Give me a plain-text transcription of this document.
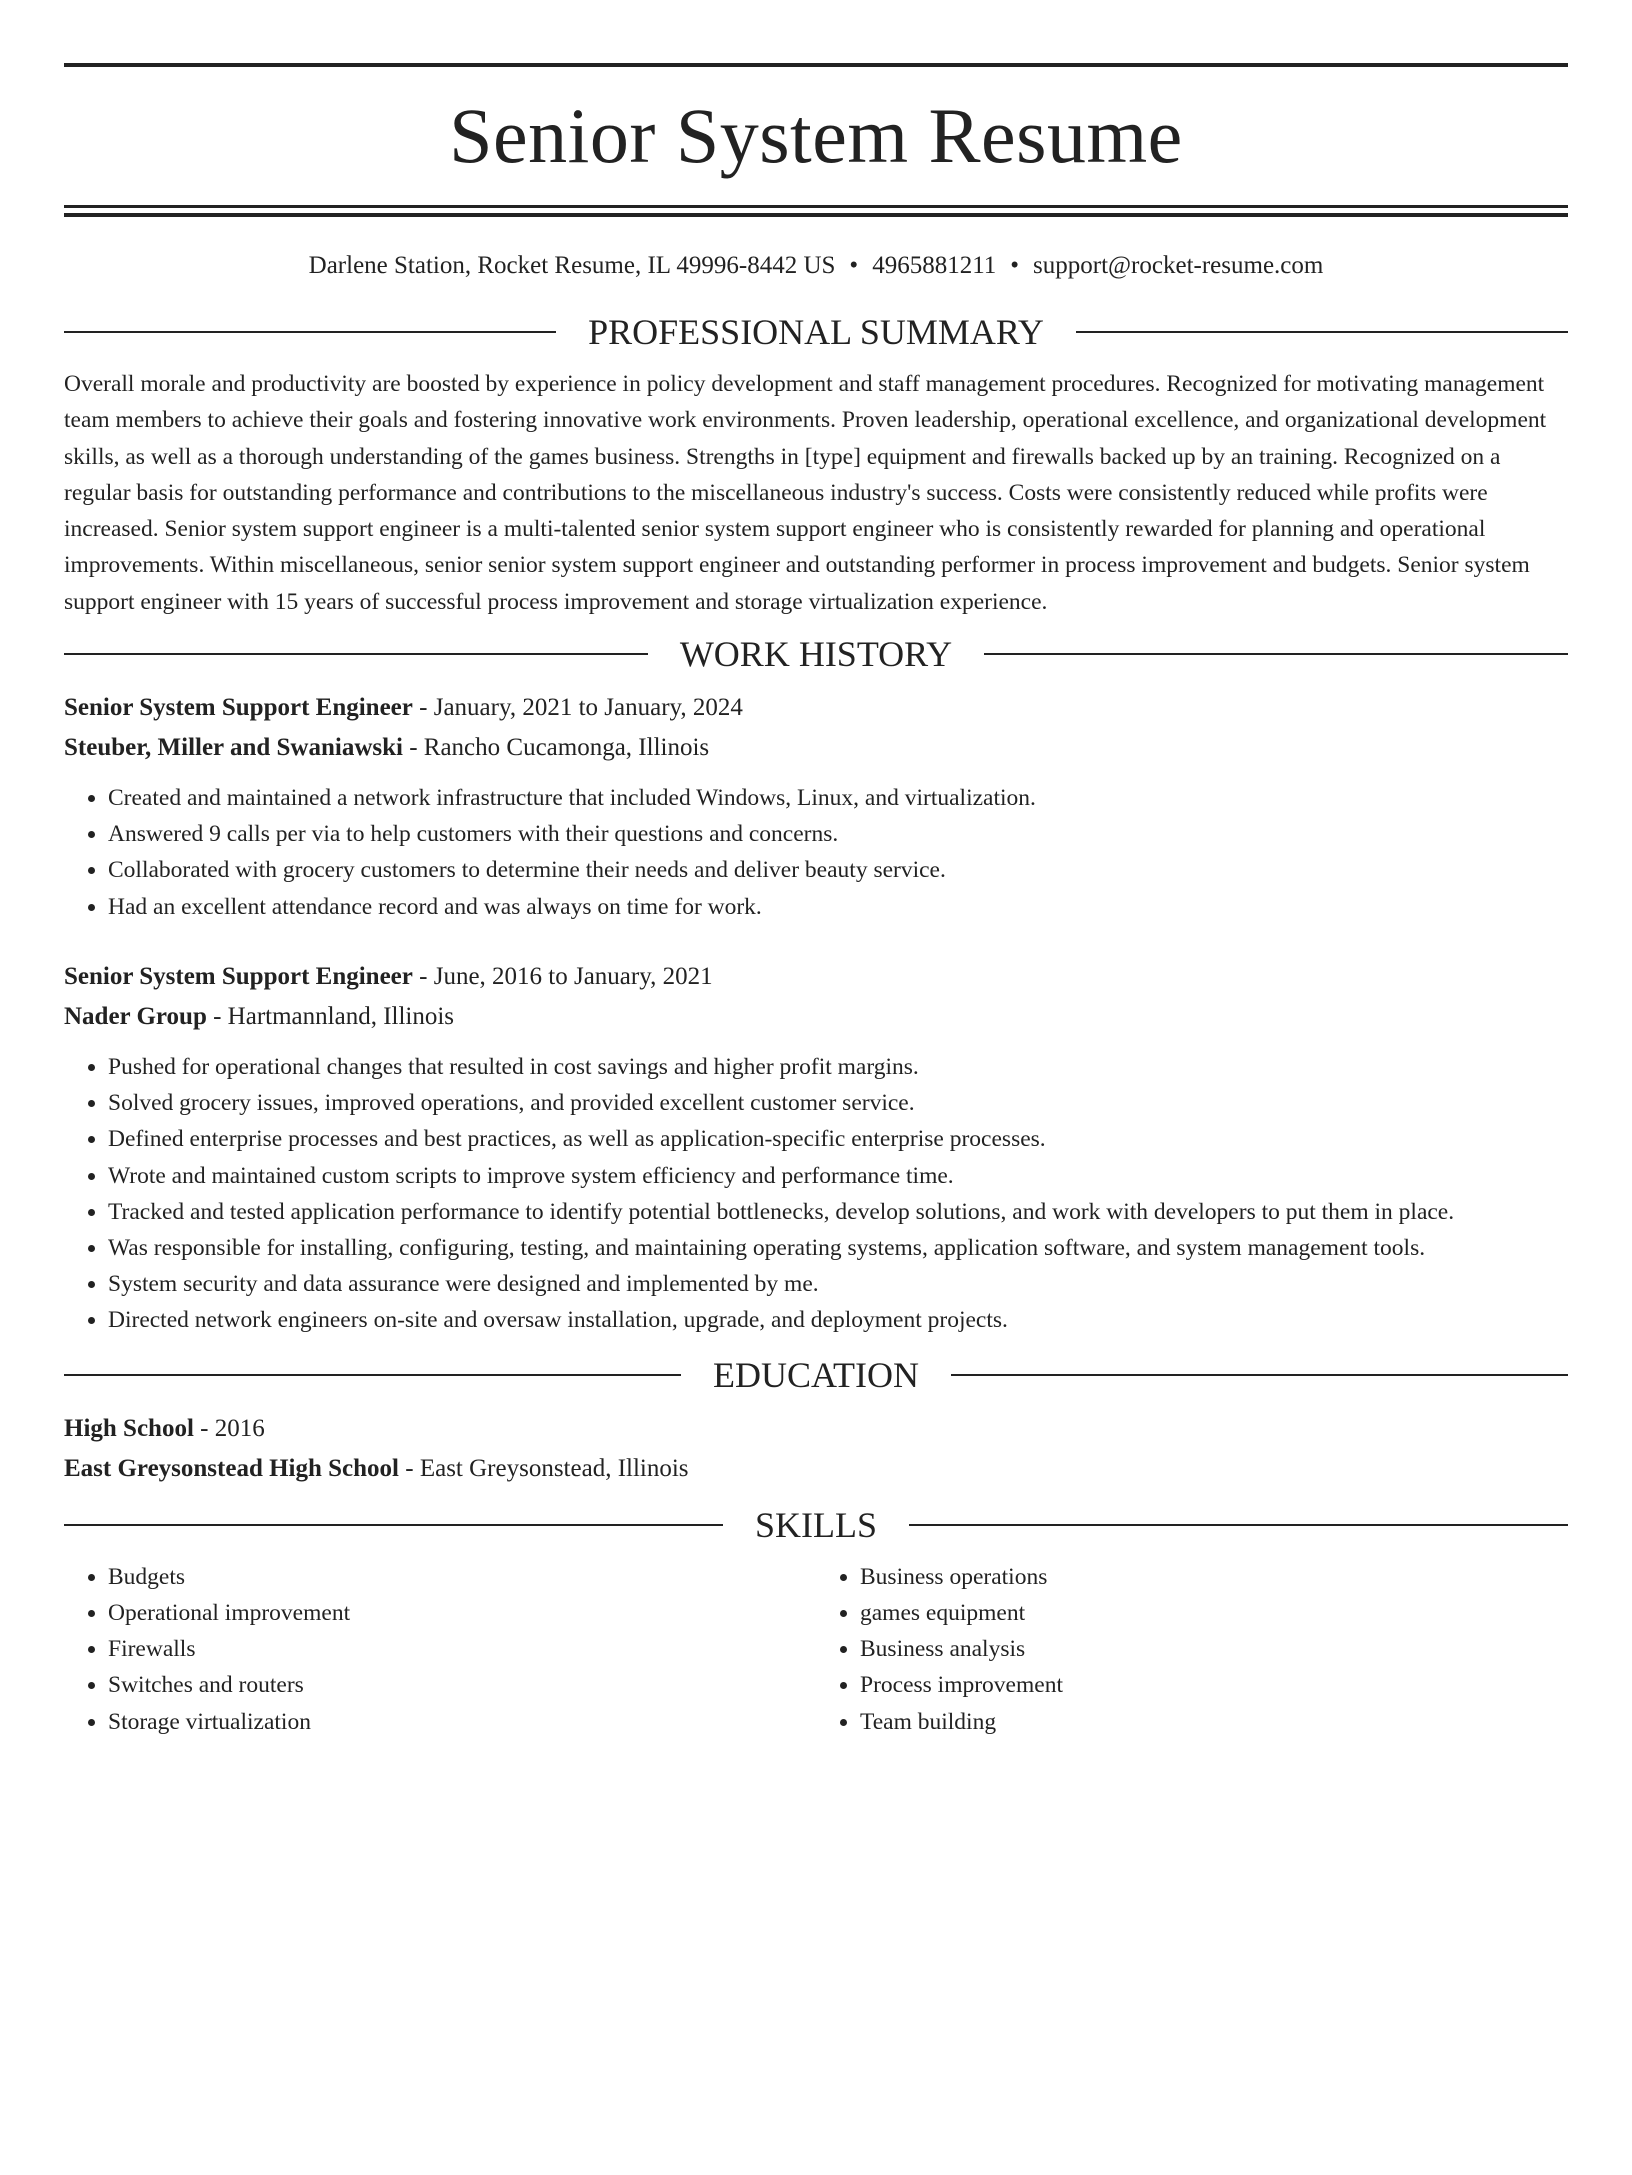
Senior System Resume
Darlene Station, Rocket Resume, IL 49996-8442 US • 4965881211 • support@rocket-resume.com
PROFESSIONAL SUMMARY

Overall morale and productivity are boosted by experience in policy development and staff management procedures. Recognized for motivating management team members to achieve their goals and fostering innovative work environments. Proven leadership, operational excellence, and organizational development skills, as well as a thorough understanding of the games business. Strengths in [type] equipment and firewalls backed up by an training. Recognized on a regular basis for outstanding performance and contributions to the miscellaneous industry's success. Costs were consistently reduced while profits were increased. Senior system support engineer is a multi-talented senior system support engineer who is consistently rewarded for planning and operational improvements. Within miscellaneous, senior senior system support engineer and outstanding performer in process improvement and budgets. Senior system support engineer with 15 years of successful process improvement and storage virtualization experience.

WORK HISTORY

Senior System Support Engineer - January, 2021 to January, 2024

Steuber, Miller and Swaniawski - Rancho Cucamonga, Illinois

• Created and maintained a network infrastructure that included Windows, Linux, and virtualization.
• Answered 9 calls per via to help customers with their questions and concerns.
• Collaborated with grocery customers to determine their needs and deliver beauty service.
• Had an excellent attendance record and was always on time for work.

Senior System Support Engineer - June, 2016 to January, 2021

Nader Group - Hartmannland, Illinois

• Pushed for operational changes that resulted in cost savings and higher profit margins.
• Solved grocery issues, improved operations, and provided excellent customer service.
• Defined enterprise processes and best practices, as well as application-specific enterprise processes.
• Wrote and maintained custom scripts to improve system efficiency and performance time.
• Tracked and tested application performance to identify potential bottlenecks, develop solutions, and work with developers to put them in place.
• Was responsible for installing, configuring, testing, and maintaining operating systems, application software, and system management tools.
• System security and data assurance were designed and implemented by me.
• Directed network engineers on-site and oversaw installation, upgrade, and deployment projects.
EDUCATION

High School - 2016

East Greysonstead High School - East Greysonstead, Illinois

SKILLS
• Budgets
• Operational improvement
• Firewalls
• Switches and routers
• Storage virtualization
• Business operations
• games equipment
• Business analysis
• Process improvement
• Team building
